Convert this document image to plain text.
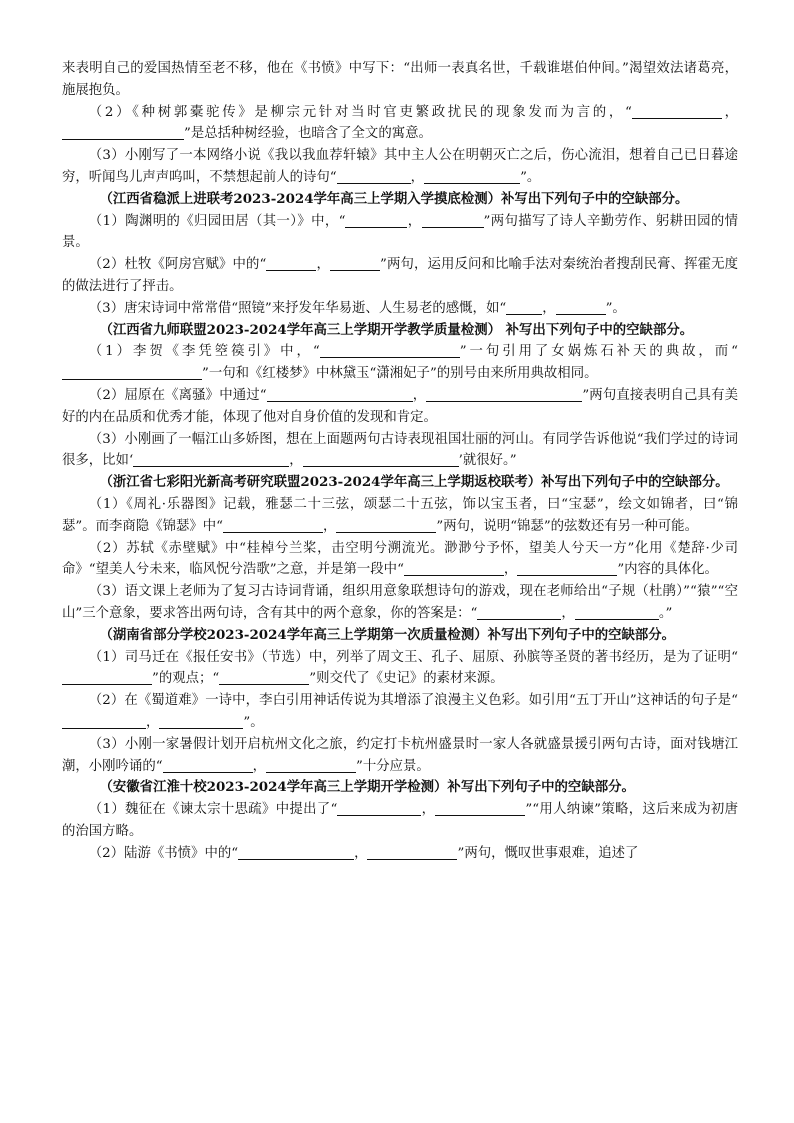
来表明自己的爱国热情至老不移，他在《书愤》中写下：“出师一表真名世，千载谁堪伯仲间。”渴望效法诸葛亮，施展抱负。

（2）《种树郭橐驼传》是柳宗元针对当时官吏繁政扰民的现象发而为言的，“	，”是总括种树经验，也暗含了全文的寓意。

（3）小刚写了一本网络小说《我以我血荐轩辕》其中主人公在明朝灭亡之后，伤心流泪，想着自己已日暮途穷，听闻鸟儿声声呜叫，不禁想起前人的诗句“	，	”。

（江西省稳派上进联考2023-2024学年高三上学期入学摸底检测）补写出下列句子中的空缺部分。

（1）陶渊明的《归园田居（其一）》中，“	，	”两句描写了诗人辛勤劳作、躬耕田园的情景。

（2）杜牧《阿房宫赋》中的“	，	”两句，运用反问和比喻手法对秦统治者搜刮民膏、挥霍无度的做法进行了抨击。

（3）唐宋诗词中常常借“照镜”来抒发年华易逝、人生易老的感慨，如“	，	”。

（江西省九师联盟2023-2024学年高三上学期开学教学质量检测） 补写出下列句子中的空缺部分。

（1）李贺《李凭箜篌引》中，“	”一句引用了女娲炼石补天的典故，而“”一句和《红楼梦》中林黛玉“潇湘妃子”的别号由来所用典故相同。

（2）屈原在《离骚》中通过“	，	”两句直接表明自己具有美好的内在品质和优秀才能，体现了他对自身价值的发现和肯定。

（3）小刚画了一幅江山多娇图，想在上面题两句古诗表现祖国壮丽的河山。有同学告诉他说“我们学过的诗词很多，比如‘	，	’就很好。”

（浙江省七彩阳光新高考研究联盟2023-2024学年高三上学期返校联考）补写出下列句子中的空缺部分。

（1）《周礼·乐器图》记载，雅瑟二十三弦，颂瑟二十五弦，饰以宝玉者，曰“宝瑟”，绘文如锦者，曰“锦瑟”。而李商隐《锦瑟》中“	，	”两句，说明“锦瑟”的弦数还有另一种可能。

（2）苏轼《赤壁赋》中“桂棹兮兰桨，击空明兮溯流光。渺渺兮予怀，望美人兮天一方”化用《楚辞·少司命》“望美人兮未来，临风怳兮浩歌”之意，并是第一段中“	，	”内容的具体化。

（3）语文课上老师为了复习古诗词背诵，组织用意象联想诗句的游戏，现在老师给出“子规（杜鹃）”“猿”“空山”三个意象，要求答出两句诗，含有其中的两个意象，你的答案是：“	，	。”

（湖南省部分学校2023-2024学年高三上学期第一次质量检测）补写出下列句子中的空缺部分。

（1）司马迁在《报任安书》（节选）中，列举了周文王、孔子、屈原、孙膑等圣贤的著书经历，是为了证明“”的观点；“	”则交代了《史记》的素材来源。

（2）在《蜀道难》一诗中，李白引用神话传说为其增添了浪漫主义色彩。如引用“五丁开山”这神话的句子是“，	”。

（3）小刚一家暑假计划开启杭州文化之旅，约定打卡杭州盛景时一家人各就盛景援引两句古诗，面对钱塘江潮，小刚吟诵的“	，	”十分应景。

（安徽省江淮十校2023-2024学年高三上学期开学检测）补写出下列句子中的空缺部分。

（1）魏征在《谏太宗十思疏》中提出了“	，	”“用人纳谏”策略，这后来成为初唐的治国方略。

（2）陆游《书愤》中的“	，	”两句，慨叹世事艰难，追述了
